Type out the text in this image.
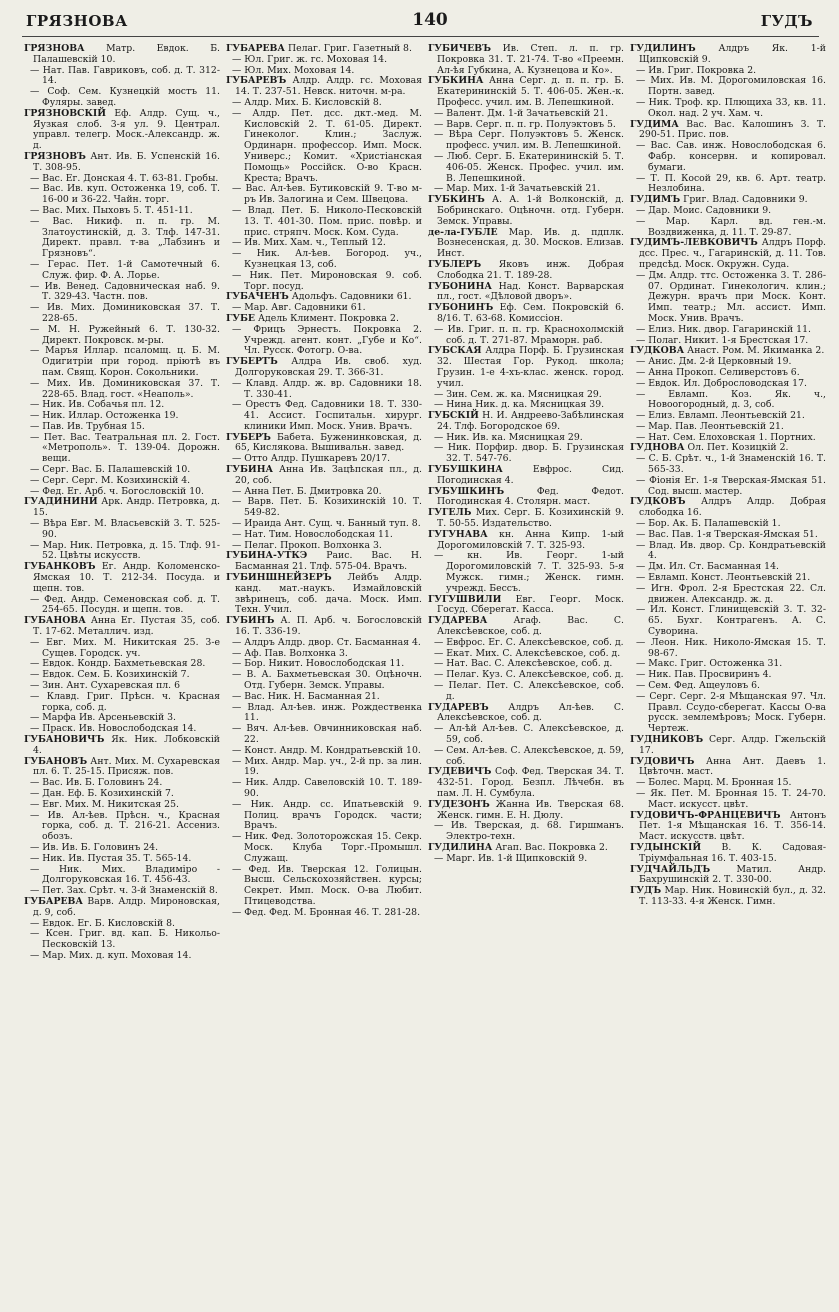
ГРЯЗНОВА	140	ГУДЪ

ГРЯЗНОВА Матр. Евдок. Б. Палашевскій 10.

— Нат. Пав. Гавриковъ, соб. д. Т. 312-14.

— Соф. Сем. Кузнецкій мостъ 11. Фуляры. завед.

ГРЯЗНОВСКІЙ Еф. Алдр. Сущ. ч., Яузкая слоб. 3-я ул. 9. Централ. управл. телегр. Моск.-Александр. ж. д.

ГРЯЗНОВЪ Ант. Ив. Б. Успенскій 16. Т. 308-95.

— Вас. Ег. Донская 4. Т. 63-81. Гробы.

— Вас. Ив. куп. Остоженка 19, соб. Т. 16-00 и 36-22. Чайн. торг.

— Вас. Мих. Пыховъ 5. Т. 451-11.

— Вас. Никиф. п. п. гр. М. Златоустинскій, д. 3. Тлф. 147-31. Директ. правл. т-ва „Лабзинъ и Грязновъ“.

— Герас. Пет. 1-й Самотечный 6. Служ. фир. Ф. А. Лорье.

— Ив. Венед. Садовническая наб. 9. Т. 329-43. Частн. пов.

— Ив. Мих. Доминиковская 37. Т. 228-65.

— М. Н. Ружейный 6. Т. 130-32. Директ. Покровск. м-ры.

— Маръя Иллар. псаломщ. ц. Б. М. Одигитріи при город. пріютѣ въ пам. Свящ. Корон. Сокольники.

— Мих. Ив. Доминиковская 37. Т. 228-65. Влад. гост. «Неаполь».

— Ник. Ив. Собачья пл. 12.

— Ник. Иллар. Остоженка 19.

— Пав. Ив. Трубная 15.

— Пет. Вас. Театральная пл. 2. Гост. «Метрополь». Т. 139-04. Дорожн. вещи.

— Серг. Вас. Б. Палашевскій 10.

— Серг. Серг. М. Козихинскій 4.

— Фед. Ег. Арб. ч. Богословскій 10.

ГУАДИНИНИ Арк. Андр. Петровка, д. 15.

— Вѣра Евг. М. Власьевскій 3. Т. 525-90.

— Мар. Ник. Петровка, д. 15. Тлф. 91-52. Цвѣты искусств.

ГУБАНКОВЪ Ег. Андр. Коломенско-Ямская 10. Т. 212-34. Посуда. и щепн. тов.

— Фед. Андр. Семеновская соб. д. Т. 254-65. Посудн. и щепн. тов.

ГУБАНОВА Анна Ег. Пустая 35, соб. Т. 17-62. Металлич. изд.

— Евг. Мих. М. Никитская 25. 3-е Сущев. Городск. уч.

— Евдок. Кондр. Бахметьевская 28.

— Евдок. Сем. Б. Козихинскій 7.

— Зин. Ант. Сухаревская пл. 6

— Клавд. Григ. Прѣсн. ч. Красная горка, соб. д.

— Марфа Ив. Арсеньевскій 3.

— Праск. Ив. Новослободская 14.

ГУБАНОВИЧЪ Як. Ник. Лобковскій 4.

ГУБАНОВЪ Ант. Мих. М. Сухаревская пл. 6. Т. 25-15. Присяж. пов.

— Вас. Ив. Б. Головинъ 24.

— Дан. Еф. Б. Козихинскій 7.

— Евг. Мих. М. Никитская 25.

— Ив. Ал-ѣев. Прѣсн. ч., Красная горка, соб. д. Т. 216-21. Ассениз. обозъ.

— Ив. Ив. Б. Головинъ 24.

— Ник. Ив. Пустая 35. Т. 565-14.

— Ник. Мих. Владиміро - Долгоруковская 16. Т. 456-43.

— Пет. Зах. Срѣт. ч. 3-й Знаменскій 8.

ГУБАРЕВА Варв. Алдр. Мироновская, д. 9, соб.

— Евдок. Ег. Б. Кисловскій 8.

— Ксен. Григ. вд. кап. Б. Никольо-Песковскій 13.

— Мар. Мих. д. куп. Моховая 14.

ГУБАРЕВА Пелаг. Григ. Газетный 8.

— Юл. Григ. ж. гс. Моховая 14.

— Юл. Мих. Моховая 14.

ГУБАРЕВЪ Алдр. Алдр. гс. Моховая 14. Т. 237-51. Невск. ниточн. м-ра.

— Алдр. Мих. Б. Кисловскій 8.

— Алдр. Пет. дсс. дкт.-мед. М. Кисловскій 2. Т. 61-05. Директ. Гинеколог. Клин.; Заслуж. Ординарн. профессор. Имп. Моск. Универс.; Комит. «Христіанская Помощь» Россійск. О-во Красн. Креста; Врачъ.

— Вас. Ал-ѣев. Бутиковскій 9. Т-во м-ръ Ив. Залогина и Сем. Швецова.

— Влад. Пет. Б. Николо-Песковскій 13. Т. 401-30. Пом. прис. повѣр. и прис. стряпч. Моск. Ком. Суда.

— Ив. Мих. Хам. ч., Теплый 12.

— Ник. Ал-ѣев. Богород. уч., Кузнецкая 13, соб.

— Ник. Пет. Мироновская 9. соб. Торг. посуд.

ГУБАЧЕНЪ Адольфъ. Садовники 61.

— Мар. Авг. Садовники 61.

ГУБЕ Адель Климент. Покровка 2.

— Фрицъ Эрнестъ. Покровка 2. Учрежд. агент. конт. „Губе и Ко“. Чл. Русск. Фотогр. О-ва.

ГУБЕРТЪ Алдра Ив. своб. худ. Долгоруковская 29. Т. 366-31.

— Клавд. Алдр. ж. вр. Садовники 18. Т. 330-41.

— Орестъ Фед. Садовники 18. Т. 330-41. Ассист. Госпитальн. хирург. клиники Имп. Моск. Унив. Врачъ.

ГУБЕРЪ Бабета. Буженинковская, д. 65, Кисляковa. Вышивальн. завед.

— Отто Алдр. Пушкаревъ 20/17.

ГУБИНА Анна Ив. Зацѣпская пл., д. 20, соб.

— Анна Пет. Б. Дмитровка 20.

— Варв. Пет. Б. Козихинскій 10. Т. 549-82.

— Ираида Ант. Сущ. ч. Банный туп. 8.

— Нат. Тим. Новослободская 11.

— Пелаг. Прокоп. Волхонка 3.

ГУБИНА-УТКЭ Раис. Вас. Н. Басманная 21. Тлф. 575-04. Врачъ.

ГУБИНШНЕЙЗЕРЪ Лейбъ Алдр. канд. мат.-наукъ. Измайловскій звѣринецъ, соб. дача. Моск. Имп. Техн. Учил.

ГУБИНЪ А. П. Арб. ч. Богословскій 16. Т. 336-19.

— Алдръ Алдр. двор. Ст. Басманная 4.

— Аф. Пав. Волхонка 3.

— Бор. Никит. Новослободская 11.

— В. А. Бахметьевская 30. Оцѣночн. Отд. Губерн. Земск. Управы.

— Вас. Ник. Н. Басманная 21.

— Влад. Ал-ѣев. инж. Рождественка 11.

— Вяч. Ал-ѣев. Овчинниковская наб. 22.

— Конст. Андр. М. Кондратьевскій 10.

— Мих. Андр. Мар. уч., 2-й пр. за лин. 19.

— Ник. Алдр. Савеловскій 10. Т. 189-90.

— Ник. Андр. сс. Ипатьевскій 9. Полиц. врачъ Городск. части; Врачъ.

— Ник. Фед. Золоторожская 15. Секр. Моск. Клуба Торг.-Промышл. Служащ.

— Фед. Ив. Тверская 12. Голицын. Высш. Сельскохозяйствен. курсы; Секрет. Имп. Моск. О-ва Любит. Птицеводства.

— Фед. Фед. М. Бронная 46. Т. 281-28.

ГУБИЧЕВЪ Ив. Степ. л. п. гр. Покровка 31. Т. 21-74. Т-во «Преемн. Ал-ѣя Губкина, А. Кузнецова и Ко».

ГУБКИНА Анна Серг. д. п. п. гр. Б. Екатерининскій 5. Т. 406-05. Жен.-к. Професс. учил. им. В. Лепешкиной.

— Валент. Дм. 1-й Зачатьевскій 21.

— Варв. Серг. п. п. гр. Полуэктовъ 5.

— Вѣра Серг. Полуэктовъ 5. Женск. професс. учил. им. В. Лепешкиной.

— Люб. Серг. Б. Екатерининскій 5. Т. 406-05. Женск. Профес. учил. им. В. Лепешкиной.

— Мар. Мих. 1-й Зачатьевскій 21.

ГУБКИНЪ А. А. 1-й Волконскій, д. Бобринскаго. Оцѣночн. отд. Губерн. Земск. Управы.

де-ла-ГУБЛЕ Мар. Ив. д. пдплк. Вознесенская, д. 30. Москов. Елизав. Инст.

ГУБЛЕРЪ Яковъ инж. Добрая Слободка 21. Т. 189-28.

ГУБОНИНА Над. Конст. Варварская пл., гост. «Дѣловой дворъ».

ГУБОНИНЪ Еф. Сем. Покровскій 6. 8/16. Т. 63-68. Комиссіон.

— Ив. Григ. п. п. гр. Краснохолмскій соб. д. Т. 271-87. Мраморн. раб.

ГУБСКАЯ Алдра Порф. Б. Грузинская 32. Шестая Гор. Рукод. школа; Грузин. 1-е 4-хъ-клас. женск. город. учил.

— Зин. Сем. ж. ка. Мясницкая 29.

— Нина Ник. д. ка. Мясницкая 39.

ГУБСКІЙ Н. И. Андреево-Забѣлинская 24. Тлф. Богородское 69.

— Ник. Ив. ка. Мясницкая 29.

— Ник. Порфир. двор. Б. Грузинская 32. Т. 547-76.

ГУБУШКИНА Евфрос. Сид. Погодинская 4.

ГУБУШКИНЪ Фед. Федот. Погодинская 4. Столярн. маст.

ГУГЕЛЬ Мих. Серг. Б. Козихинскій 9. Т. 50-55. Издательство.

ГУГУНАВА кн. Анна Кипр. 1-ый Дорогомиловскій 7. Т. 325-93.

— кн. Ив. Георг. 1-ый Дорогомиловскій 7. Т. 325-93. 5-я Мужск. гимн.; Женск. гимн. учрежд. Бессъ.

ГУГУШВИЛИ Евг. Георг. Моск. Госуд. Сберегат. Касса.

ГУДАРЕВА Агаф. Вас. С. Алексѣевское, соб. д.

— Евфрос. Ег. С. Алексѣевское, соб. д.

— Екат. Мих. С. Алексѣевское, соб. д.

— Нат. Вас. С. Алексѣевское, соб. д.

— Пелаг. Куз. С. Алексѣевское, соб. д.

— Пелаг. Пет. С. Алексѣевское, соб. д.

ГУДАРЕВЪ Алдръ Ал-ѣев. С. Алексѣевское, соб. д.

— Ал-ѣй Ал-ѣев. С. Алексѣевское, д. 59, соб.

— Сем. Ал-ѣев. С. Алексѣевское, д. 59, соб.

ГУДЕВИЧЪ Соф. Фед. Тверская 34. Т. 432-51. Город. Безпл. Лѣчебн. въ пам. Л. Н. Сумбула.

ГУДЕЗОНЪ Жанна Ив. Тверская 68. Женск. гимн. Е. Н. Дюлу.

— Ив. Тверская, д. 68. Гиршманъ. Электро-техн.

ГУДИЛИНА Агап. Вас. Покровка 2.

— Марг. Ив. 1-й Щипковскій 9.

ГУДИЛИНЪ Алдръ Як. 1-й Щипковскій 9.

— Ив. Григ. Покровка 2.

— Мих. Ив. М. Дорогомиловская 16. Портн. завед.

— Ник. Троф. кр. Плющиха 33, кв. 11. Окол. над. 2 уч. Хам. ч.

ГУДИМА Вас. Вас. Калошинъ 3. Т. 290-51. Прис. пов.

— Вас. Сав. инж. Новослободская 6. Фабр. консервн. и копировал. бумаги.

— Т. П. Косой 29, кв. 6. Арт. театр. Незлобина.

ГУДИМЪ Григ. Влад. Садовники 9.

— Дар. Моис. Садовники 9.

— Мар. Карл. вд. ген.-м. Воздвиженка, д. 11. Т. 29-87.

ГУДИМЪ-ЛЕВКОВИЧЪ Алдръ Порф. дсс. Прес. ч., Гагаринскій, д. 11. Тов. предсѣд. Моск. Окружн. Суда.

— Дм. Алдр. ттс. Остоженка 3. Т. 286-07. Ординат. Гинекологич. клин.; Дежурн. врачъ при Моск. Конт. Имп. театр.; Мл. ассист. Имп. Моск. Унив. Врачъ.

— Елиз. Ник. двор. Гагаринскій 11.

— Полаг. Никит. 1-я Брестская 17.

ГУДКОВА Анаст. Ром. М. Якиманка 2.

— Анис. Дм. 2-й Церковный 19.

— Анна Прокоп. Селиверстовъ 6.

— Евдок. Ил. Добрословодская 17.

— Евламп. Коз. Як. ч., Новоогородный, д. 3, соб.

— Елиз. Евламп. Леонтьевскій 21.

— Мар. Пав. Леонтьевскій 21.

— Нат. Сем. Елоховская 1. Портних.

ГУДНОВА Ол. Пет. Козицкій 2.

— С. Б. Срѣт. ч., 1-й Знаменскій 16. Т. 565-33.

— Фіонія Ег. 1-я Тверская-Ямская 51. Сод. высш. мастер.

ГУДКОВЪ Алдръ Алдр. Добрая слободка 16.

— Бор. Ак. Б. Палашевскій 1.

— Вас. Пав. 1-я Тверская-Ямская 51.

— Влад. Ив. двор. Ср. Кондратьевскій 4.

— Дм. Ил. Ст. Басманная 14.

— Евламп. Конст. Леонтьевскій 21.

— Игн. Фрол. 2-я Брестская 22. Сл. движен. Александр. ж. д.

— Ил. Конст. Глинищевскій 3. Т. 32-65. Бухг. Контрагенъ. А. С. Суворина.

— Леон. Ник. Николо-Ямская 15. Т. 98-67.

— Макс. Григ. Остоженка 31.

— Ник. Пав. Просвиринъ 4.

— Сем. Фед. Ащеуловъ 6.

— Серг. Серг. 2-я Мѣщанская 97. Чл. Правл. Ссудо-сберегат. Кассы О-ва русск. землемѣровъ; Моск. Губерн. Чертеж.

ГУДНИКОВЪ Серг. Алдр. Гжельскій 17.

ГУДОВИЧЪ Анна Ант. Даевъ 1. Цвѣточн. маст.

— Болес. Марц. М. Бронная 15.

— Як. Пет. М. Бронная 15. Т. 24-70. Маст. искусст. цвѣт.

ГУДОВИЧЪ-ФРАНЦЕВИЧЪ Антонъ Пет. 1-я Мѣщанская 16. Т. 356-14. Маст. искусств. цвѣт.

ГУДЫНСКІЙ В. К. Садовая-Тріумфальная 16. Т. 403-15.

ГУДЧАЙЛЬДЪ Матил. Андр. Бахрушинскій 2. Т. 330-00.

ГУДЪ Мар. Ник. Новинскій бул., д. 32. Т. 113-33. 4-я Женск. Гимн.
